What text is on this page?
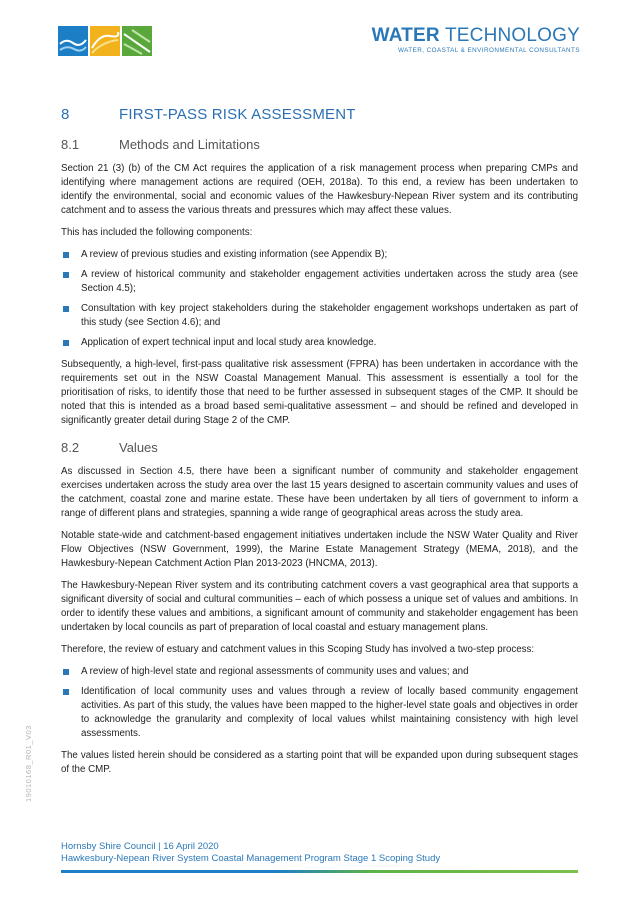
WATER TECHNOLOGY
WATER, COASTAL & ENVIRONMENTAL CONSULTANTS
8	FIRST-PASS RISK ASSESSMENT
8.1	Methods and Limitations

Section 21 (3) (b) of the CM Act requires the application of a risk management process when preparing CMPs and identifying where management actions are required (OEH, 2018a). To this end, a review has been undertaken to identify the environmental, social and economic values of the Hawkesbury-Nepean River system and its contributing catchment and to assess the various threats and pressures which may affect these values.

This has included the following components:

A review of previous studies and existing information (see Appendix B);
A review of historical community and stakeholder engagement activities undertaken across the study area (see Section 4.5);
Consultation with key project stakeholders during the stakeholder engagement workshops undertaken as part of this study (see Section 4.6); and
Application of expert technical input and local study area knowledge.

Subsequently, a high-level, first-pass qualitative risk assessment (FPRA) has been undertaken in accordance with the requirements set out in the NSW Coastal Management Manual. This assessment is essentially a tool for the prioritisation of risks, to identify those that need to be further assessed in subsequent stages of the CMP. It should be noted that this is intended as a broad based semi-qualitative assessment – and should be refined and developed in significantly greater detail during Stage 2 of the CMP.

8.2	Values

As discussed in Section 4.5, there have been a significant number of community and stakeholder engagement exercises undertaken across the study area over the last 15 years designed to ascertain community values and uses of the catchment, coastal zone and marine estate. These have been undertaken by all tiers of government to inform a range of different plans and strategies, spanning a wide range of geographical areas across the study area.

Notable state-wide and catchment-based engagement initiatives undertaken include the NSW Water Quality and River Flow Objectives (NSW Government, 1999), the Marine Estate Management Strategy (MEMA, 2018), and the Hawkesbury-Nepean Catchment Action Plan 2013-2023 (HNCMA, 2013).

The Hawkesbury-Nepean River system and its contributing catchment covers a vast geographical area that supports a significant diversity of social and cultural communities – each of which possess a unique set of values and ambitions. In order to identify these values and ambitions, a significant amount of community and stakeholder engagement has been undertaken by local councils as part of preparation of local coastal and estuary management plans.

Therefore, the review of estuary and catchment values in this Scoping Study has involved a two-step process:

A review of high-level state and regional assessments of community uses and values; and
Identification of local community uses and values through a review of locally based community engagement activities. As part of this study, the values have been mapped to the higher-level state goals and objectives in order to acknowledge the granularity and complexity of local values whilst maintaining consistency with high level assessments.

The values listed herein should be considered as a starting point that will be expanded upon during subsequent stages of the CMP.

19010168_R01_V03
Hornsby Shire Council | 16 April 2020
Hawkesbury-Nepean River System Coastal Management Program Stage 1 Scoping Study
